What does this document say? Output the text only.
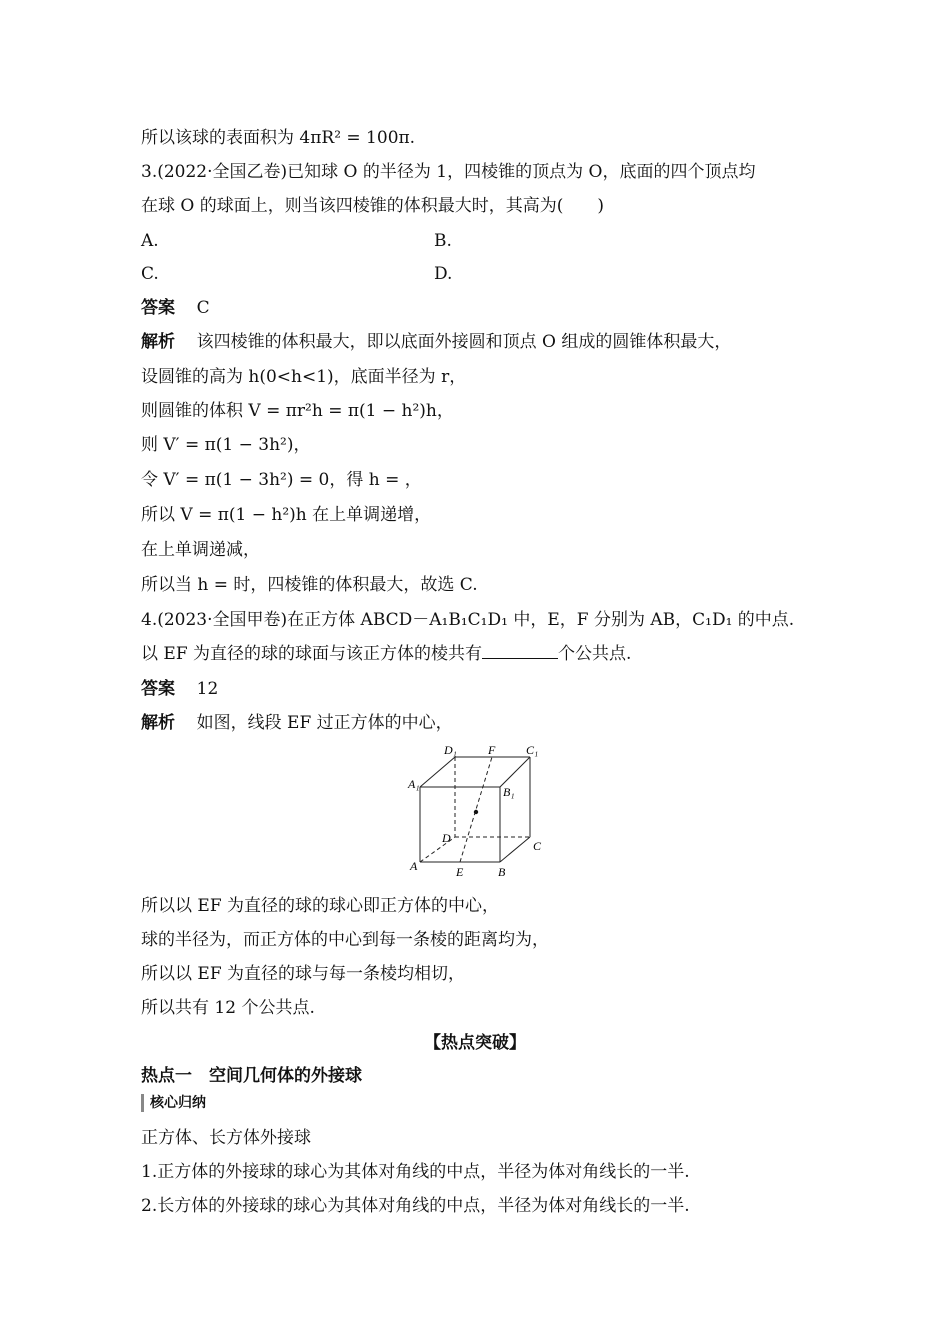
所以该球的表面积为 4πR² = 100π.
3.(2022·全国乙卷)已知球 O 的半径为 1，四棱锥的顶点为 O，底面的四个顶点均
在球 O 的球面上，则当该四棱锥的体积最大时，其高为(　　)
A.	B.
C.	D.
答案 C
解析 该四棱锥的体积最大，即以底面外接圆和顶点 O 组成的圆锥体积最大，
设圆锥的高为 h(0<h<1)，底面半径为 r，
则圆锥的体积 V = πr²h = π(1 − h²)h，
则 V′ = π(1 − 3h²)，
令 V′ = π(1 − 3h²) = 0，得 h = ，
所以 V = π(1 − h²)h 在上单调递增，
在上单调递减，
所以当 h = 时，四棱锥的体积最大，故选 C.
4.(2023·全国甲卷)在正方体 ABCD－A₁B₁C₁D₁ 中，E，F 分别为 AB，C₁D₁ 的中点.
以 EF 为直径的球的球面与该正方体的棱共有	个公共点.
答案 12
解析 如图，线段 EF 过正方体的中心，
D₁	F	C₁
A₁
B₁
D
C
A	E	B
所以以 EF 为直径的球的球心即正方体的中心，
球的半径为，而正方体的中心到每一条棱的距离均为，
所以以 EF 为直径的球与每一条棱均相切，
所以共有 12 个公共点.
【热点突破】
热点一　空间几何体的外接球
核心归纳
正方体、长方体外接球
1.正方体的外接球的球心为其体对角线的中点，半径为体对角线长的一半.
2.长方体的外接球的球心为其体对角线的中点，半径为体对角线长的一半.
